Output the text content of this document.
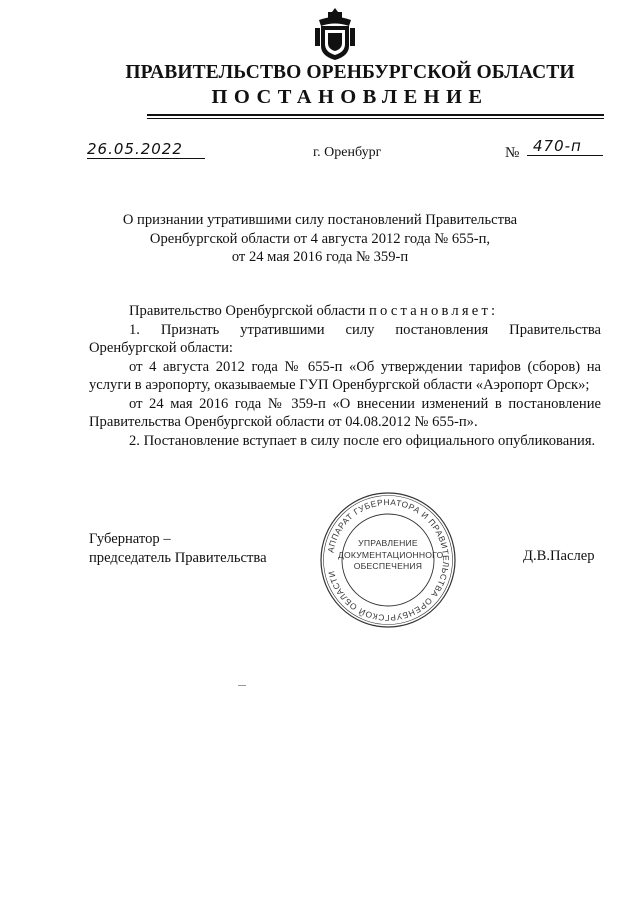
ПРАВИТЕЛЬСТВО ОРЕНБУРГСКОЙ ОБЛАСТИ
ПОСТАНОВЛЕНИЕ
26.05.2022	г. Оренбург	№ 470-п
О признании утратившими силу постановлений Правительства
Оренбургской области от 4 августа 2012 года № 655-п,
от 24 мая 2016 года № 359-п

Правительство Оренбургской области постановляет:

1. Признать утратившими силу постановления Правительства Оренбургской области:

от 4 августа 2012 года № 655-п «Об утверждении тарифов (сборов) на услуги в аэропорту, оказываемые ГУП Оренбургской области «Аэропорт Орск»;

от 24 мая 2016 года № 359-п «О внесении изменений в постановление Правительства Оренбургской области от 04.08.2012 № 655-п».

2. Постановление вступает в силу после его официального опубликования.

Губернатор –
председатель Правительства	Д.В.Паслер
АППАРАТ ГУБЕРНАТОРА И ПРАВИТЕЛЬСТВА ОРЕНБУРГСКОЙ ОБЛАСТИ
УПРАВЛЕНИЕ
ДОКУМЕНТАЦИОННОГО
ОБЕСПЕЧЕНИЯ
